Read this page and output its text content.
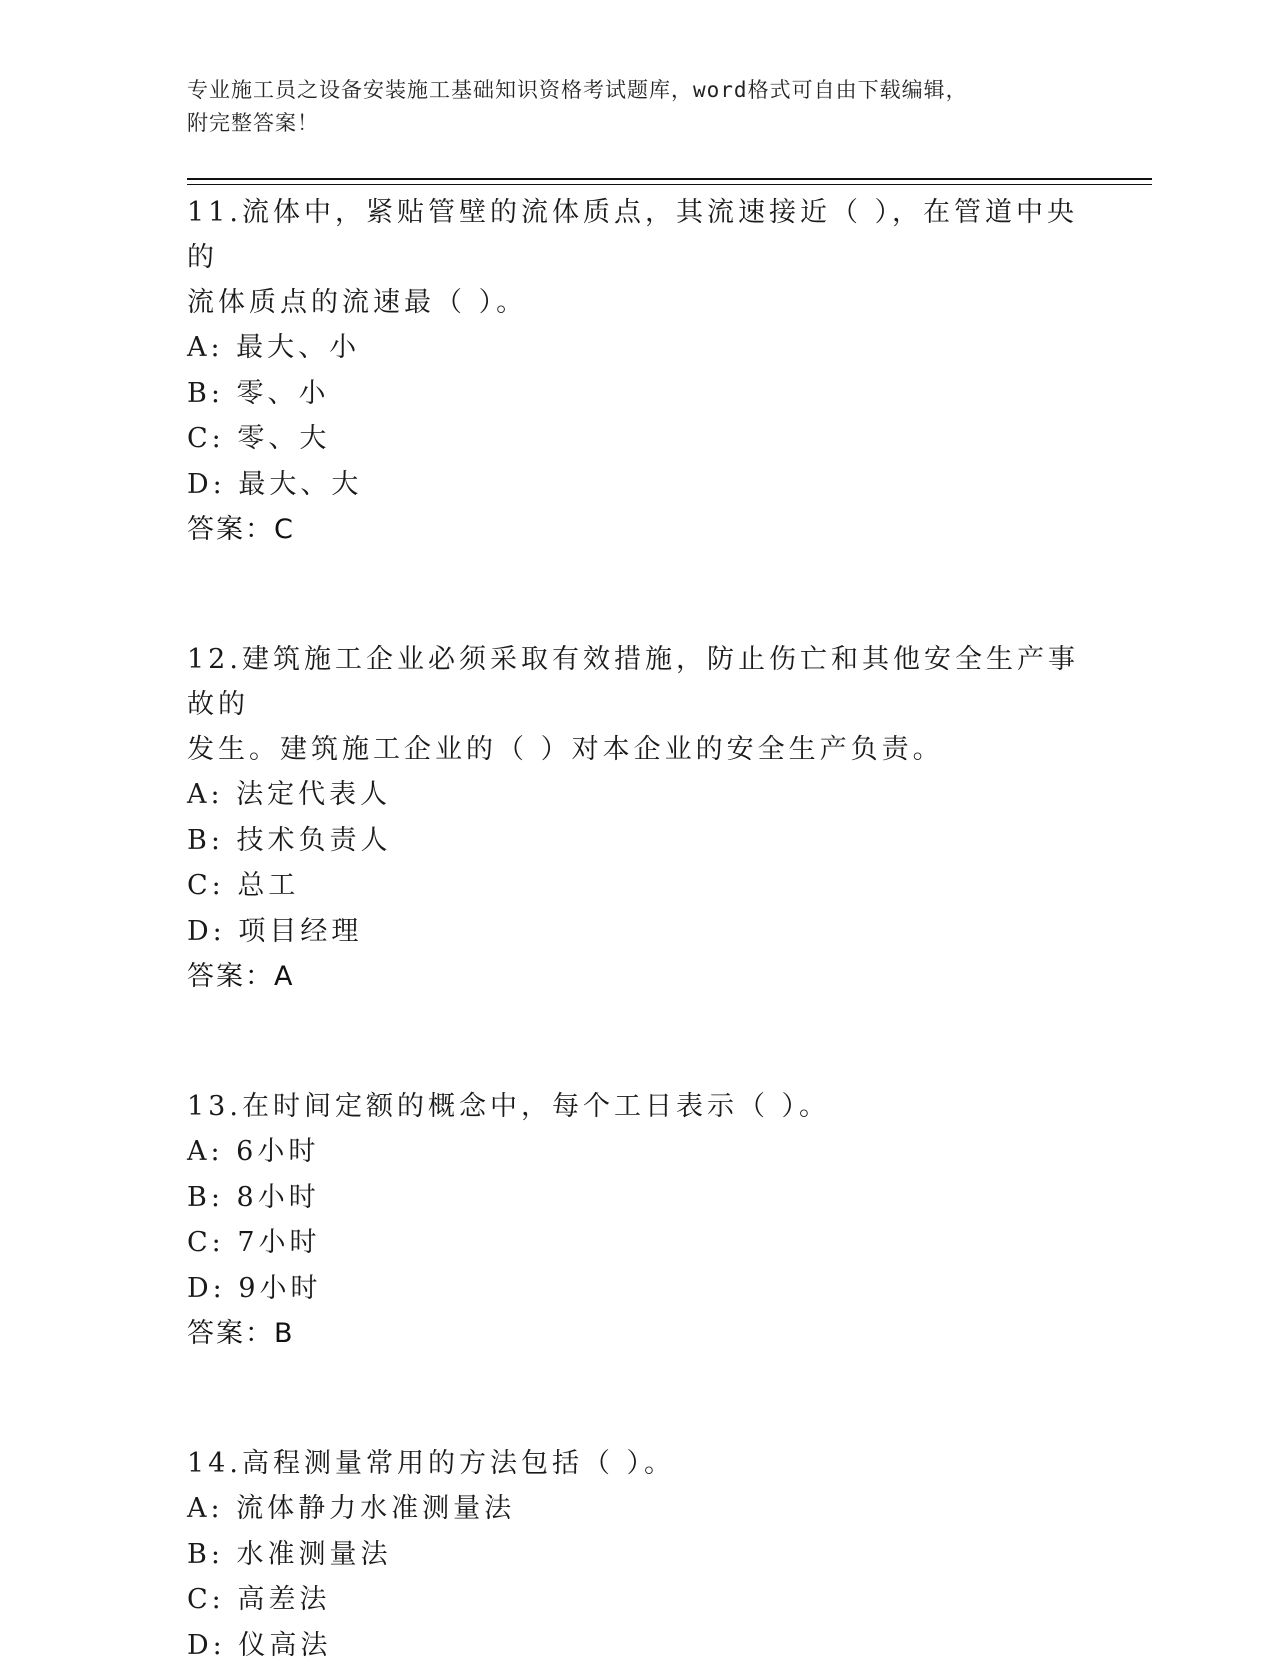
专业施工员之设备安装施工基础知识资格考试题库，word格式可自由下载编辑，
附完整答案！

11.流体中，紧贴管壁的流体质点，其流速接近（ ），在管道中央的

流体质点的流速最（ ）。

A: 最大、小

B: 零、小

C: 零、大

D: 最大、大

答案：C

12.建筑施工企业必须采取有效措施，防止伤亡和其他安全生产事故的

发生。建筑施工企业的（ ）对本企业的安全生产负责。

A: 法定代表人

B: 技术负责人

C: 总工

D: 项目经理

答案：A

13.在时间定额的概念中，每个工日表示（ ）。

A: 6小时

B: 8小时

C: 7小时

D: 9小时

答案：B

14.高程测量常用的方法包括（ ）。

A: 流体静力水准测量法

B: 水准测量法

C: 高差法

D: 仪高法
